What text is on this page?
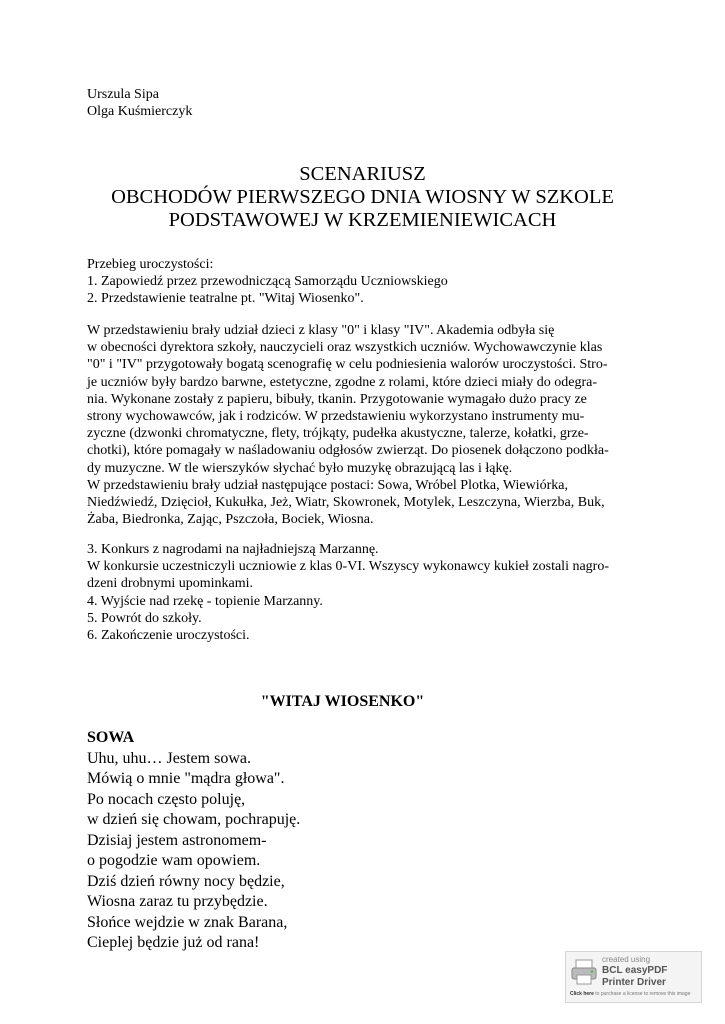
Urszula Sipa
Olga Kuśmierczyk
SCENARIUSZ
OBCHODÓW PIERWSZEGO DNIA WIOSNY W SZKOLE
PODSTAWOWEJ W KRZEMIENIEWICACH
Przebieg uroczystości:
1. Zapowiedź przez przewodniczącą Samorządu Uczniowskiego
2. Przedstawienie teatralne pt. "Witaj Wiosenko".
W przedstawieniu brały udział dzieci z klasy "0" i klasy "IV". Akademia odbyła się
w obecności dyrektora szkoły, nauczycieli oraz wszystkich uczniów. Wychowawczynie klas
"0" i "IV" przygotowały bogatą scenografię w celu podniesienia walorów uroczystości. Stro-
je uczniów były bardzo barwne, estetyczne, zgodne z rolami, które dzieci miały do odegra-
nia. Wykonane zostały z papieru, bibuły, tkanin. Przygotowanie wymagało dużo pracy ze
strony wychowawców, jak i rodziców. W przedstawieniu wykorzystano instrumenty mu-
zyczne (dzwonki chromatyczne, flety, trójkąty, pudełka akustyczne, talerze, kołatki, grze-
chotki), które pomagały w naśladowaniu odgłosów zwierząt. Do piosenek dołączono podkła-
dy muzyczne. W tle wierszyków słychać było muzykę obrazującą las i łąkę.
W przedstawieniu brały udział następujące postaci: Sowa, Wróbel Plotka, Wiewiórka,
Niedźwiedź, Dzięcioł, Kukułka, Jeż, Wiatr, Skowronek, Motylek, Leszczyna, Wierzba, Buk,
Żaba, Biedronka, Zając, Pszczoła, Bociek, Wiosna.
3. Konkurs z nagrodami na najładniejszą Marzannę.
W konkursie uczestniczyli uczniowie z klas 0-VI. Wszyscy wykonawcy kukieł zostali nagro-
dzeni drobnymi upominkami.
4. Wyjście nad rzekę - topienie Marzanny.
5. Powrót do szkoły.
6. Zakończenie uroczystości.
"WITAJ WIOSENKO"
SOWA
Uhu, uhu… Jestem sowa.
Mówią o mnie "mądra głowa".
Po nocach często poluję,
w dzień się chowam, pochrapuję.
Dzisiaj jestem astronomem-
o pogodzie wam opowiem.
Dziś dzień równy nocy będzie,
Wiosna zaraz tu przybędzie.
Słońce wejdzie w znak Barana,
Cieplej będzie już od rana!
created using
BCL easyPDF
Printer Driver
Click here to purchase a license to remove this image
